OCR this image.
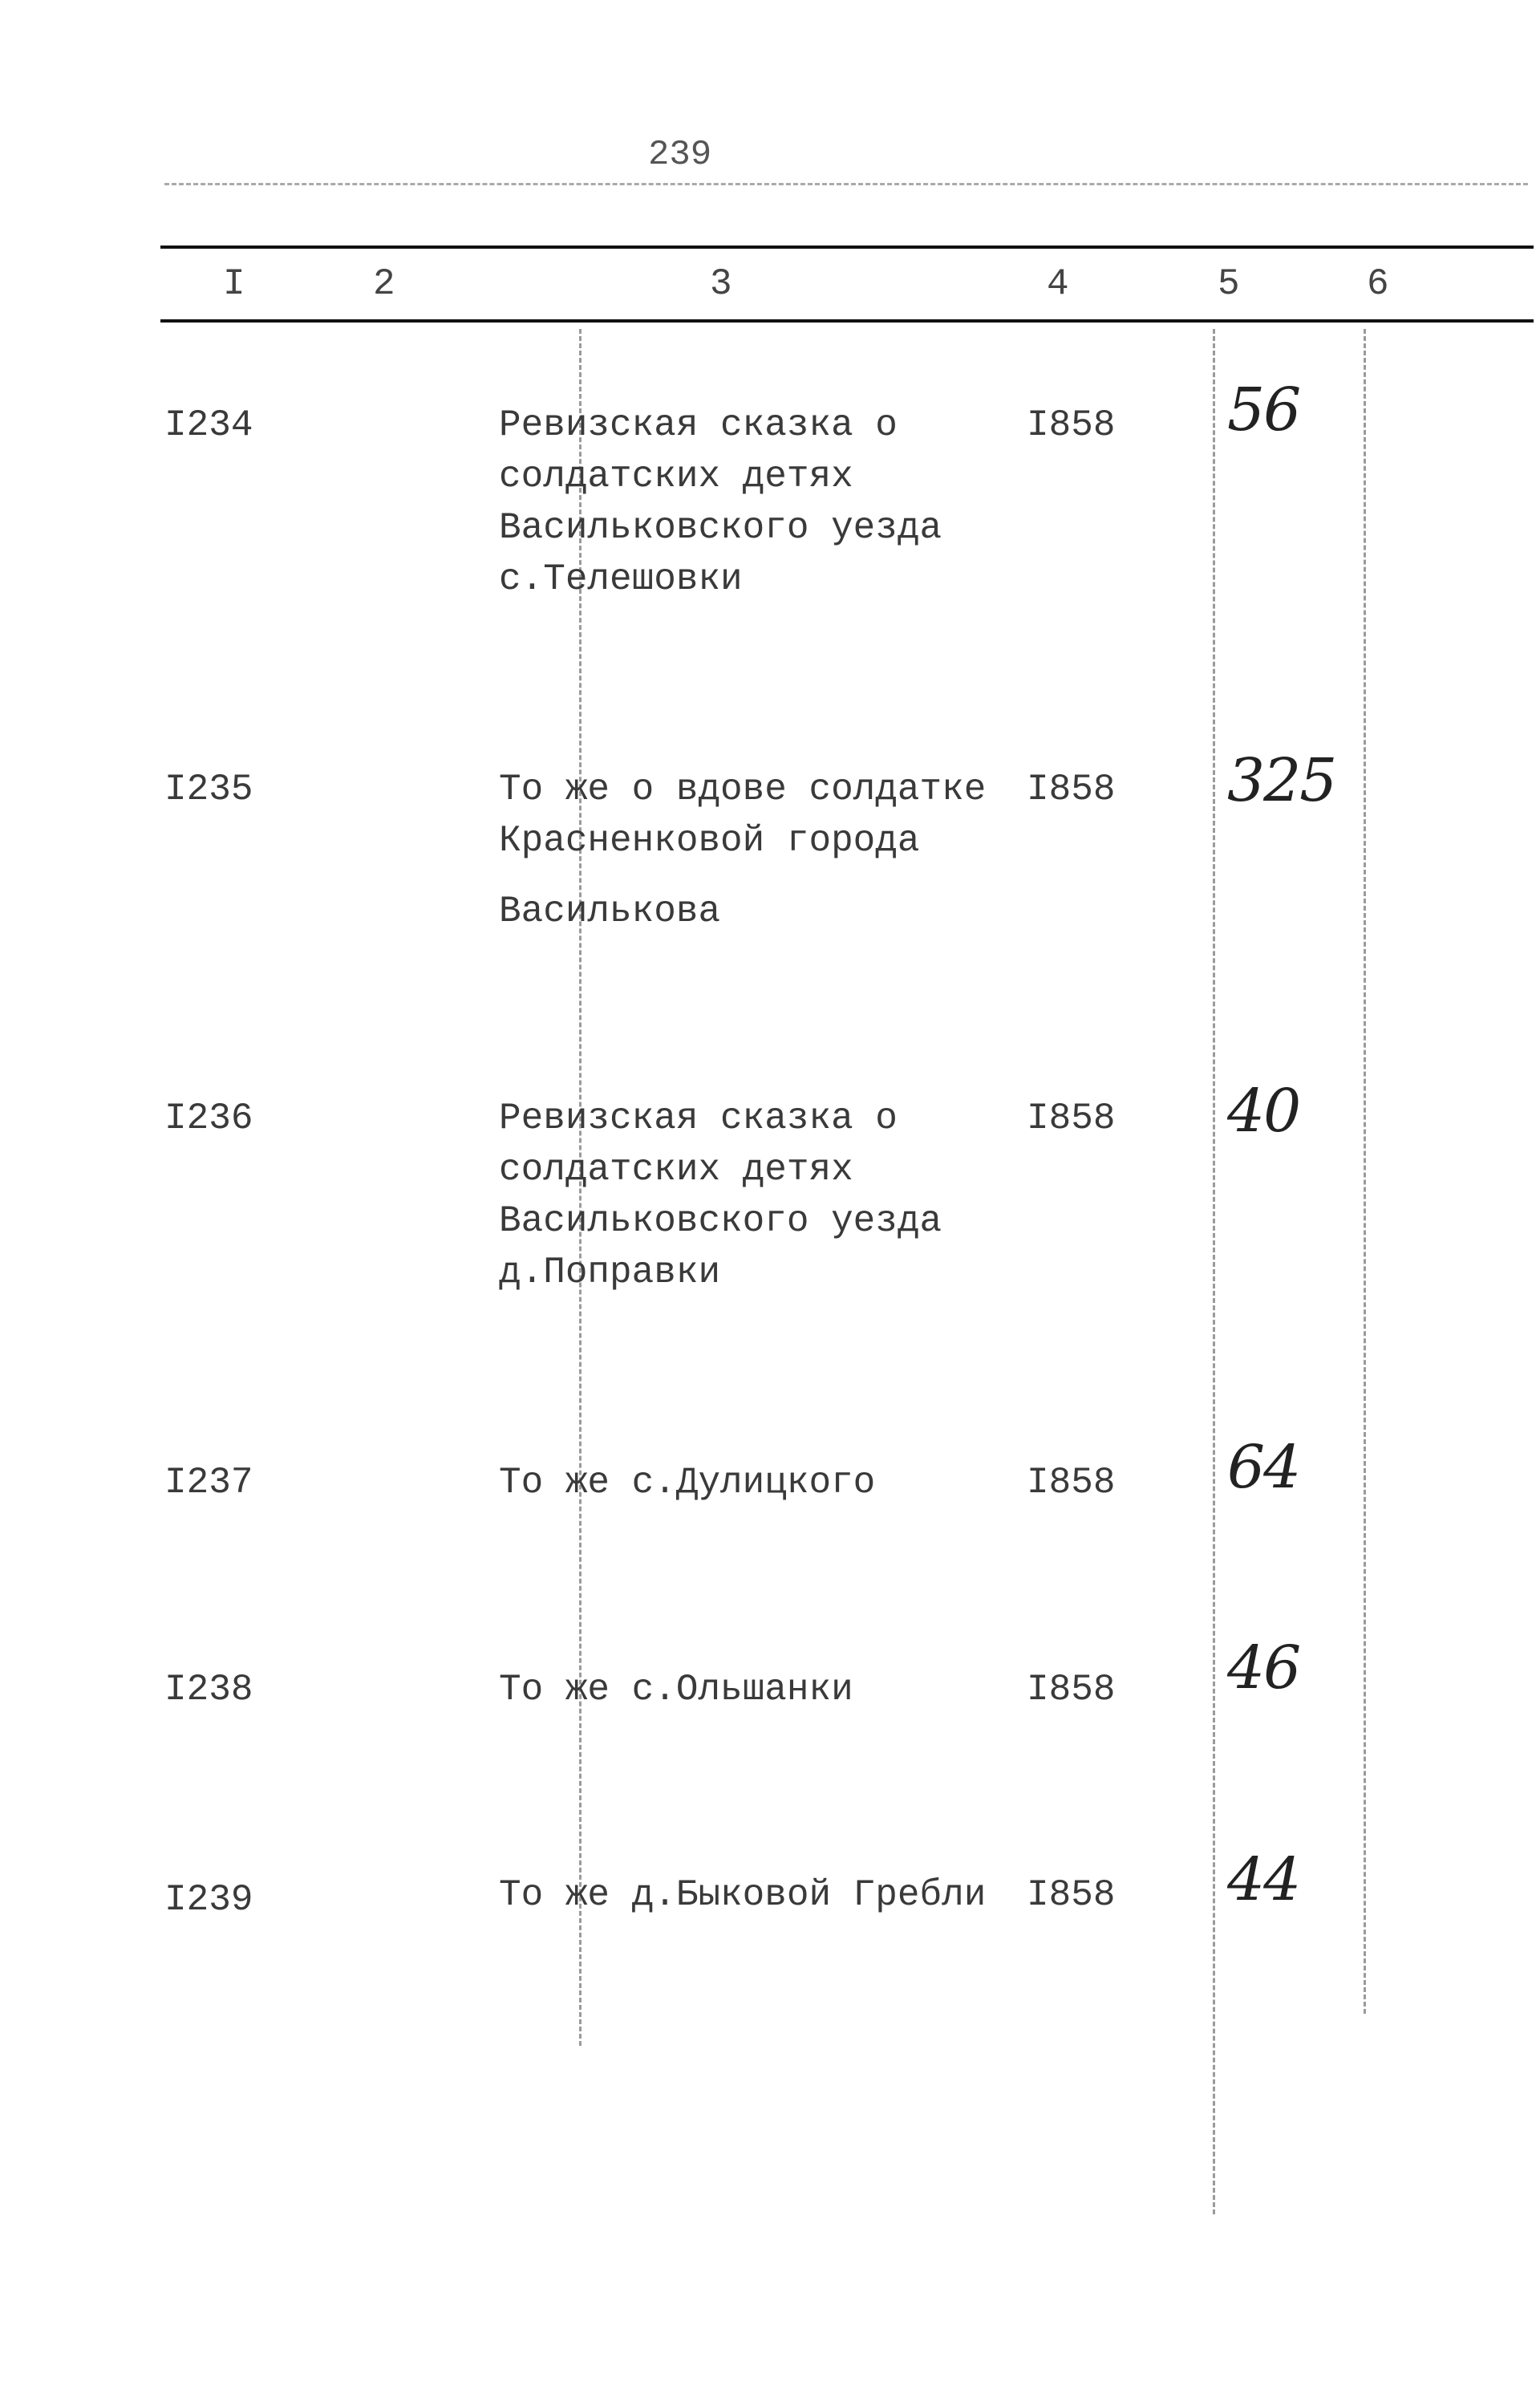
239
I	2	3	4	5	6
I234	Ревизская сказка о
солдатских детях
Васильковского уезда
с.Телешовки
I858 56
I235	То же о вдове солдатке
Красненковой города
Василькова
I858 325
I236	Ревизская сказка о
солдатских детях
Васильковского уезда
д.Поправки
I858 40
I237	То же с.Дулицкого	I858 64
I238	То же с.Ольшанки	I858 46
I239	То же д.Быковой Гребли I858 44
